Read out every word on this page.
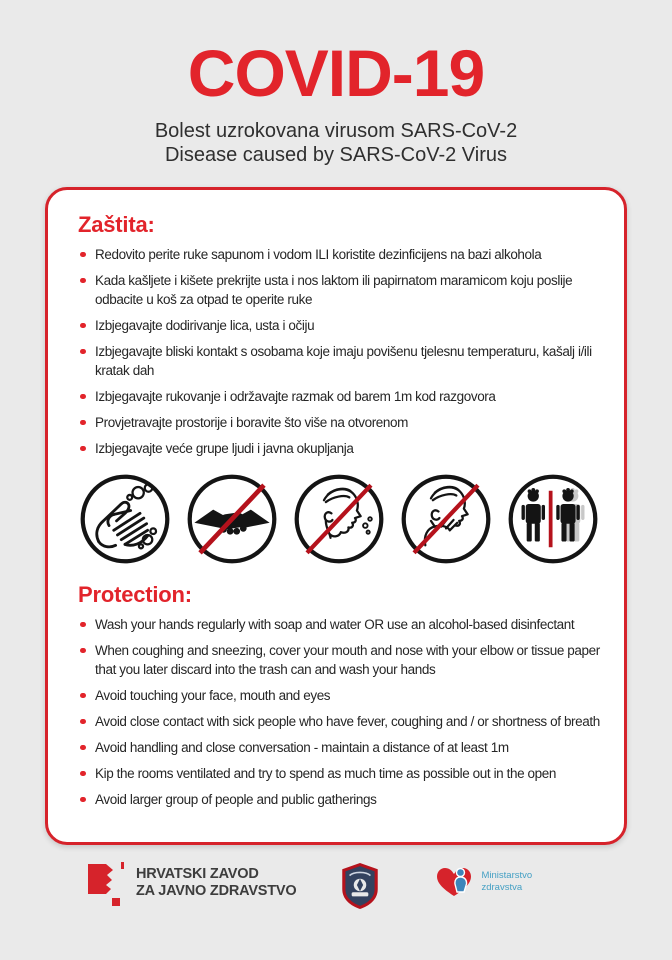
COVID-19
Bolest uzrokovana virusom SARS-CoV-2
Disease caused by SARS-CoV-2 Virus
Zaštita:
Redovito perite ruke sapunom i vodom ILI koristite dezinficijens na bazi alkohola
Kada kašljete i kišete prekrijte usta i nos laktom ili papirnatom maramicom koju poslije odbacite u koš za otpad te operite ruke
Izbjegavajte dodirivanje lica, usta i očiju
Izbjegavajte bliski kontakt s osobama koje imaju povišenu tjelesnu temperaturu, kašalj i/ili kratak dah
Izbjegavajte rukovanje i održavajte razmak od barem 1m kod razgovora
Provjetravajte prostorije i boravite što više na otvorenom
Izbjegavajte veće grupe ljudi i javna okupljanja
Protection:
Wash your hands regularly with soap and water OR use an alcohol-based disinfectant
When coughing and sneezing, cover your mouth and nose with your elbow or tissue paper that you later discard into the trash can and wash your hands
Avoid touching your face, mouth and eyes
Avoid close contact with sick people who have fever, coughing and / or shortness of breath
Avoid handling and close conversation - maintain a distance of at least 1m
Kip the rooms ventilated and try to spend as much time as possible out in the open
Avoid larger group of people and public gatherings
HRVATSKI ZAVOD
ZA JAVNO ZDRAVSTVO
Ministarstvo
zdravstva
